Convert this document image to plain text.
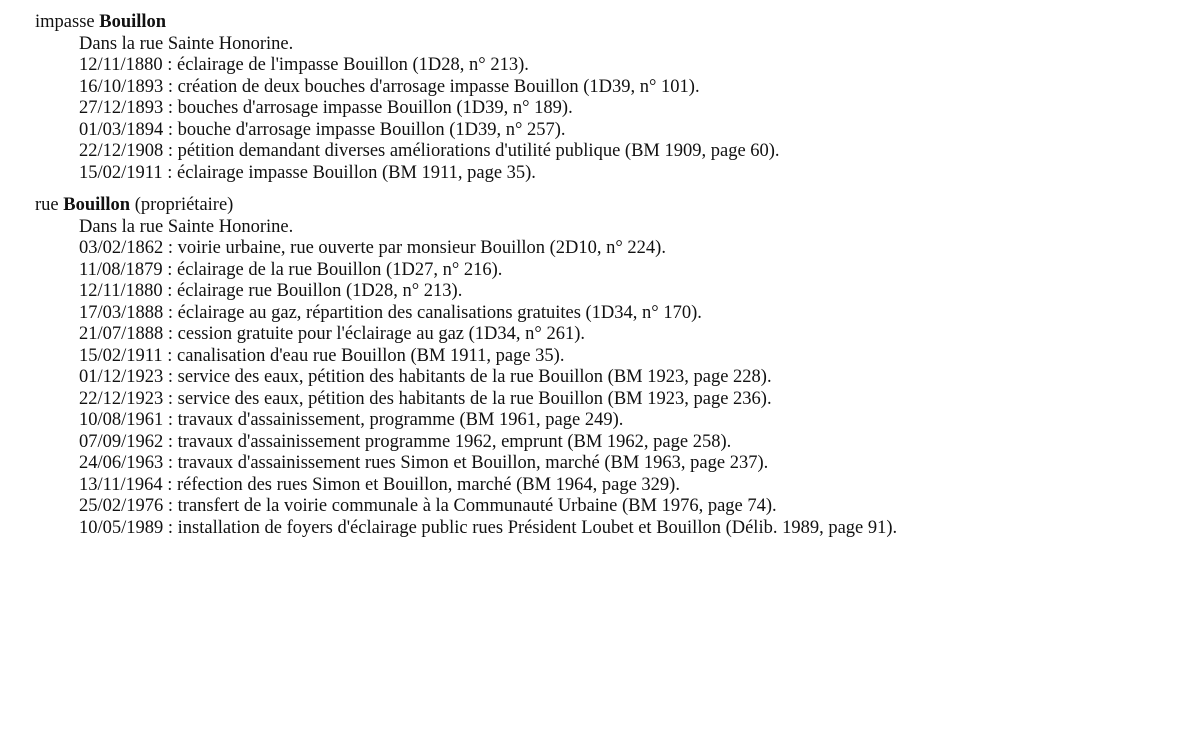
impasse Bouillon

Dans la rue Sainte Honorine.

12/11/1880 : éclairage de l'impasse Bouillon (1D28, n° 213).

16/10/1893 : création de deux bouches d'arrosage impasse Bouillon (1D39, n° 101).

27/12/1893 : bouches d'arrosage impasse Bouillon (1D39, n° 189).

01/03/1894 : bouche d'arrosage impasse Bouillon (1D39, n° 257).

22/12/1908 : pétition demandant diverses améliorations d'utilité publique (BM 1909, page 60).

15/02/1911 : éclairage impasse Bouillon (BM 1911, page 35).

rue Bouillon (propriétaire)

Dans la rue Sainte Honorine.

03/02/1862 : voirie urbaine, rue ouverte par monsieur Bouillon (2D10, n° 224).

11/08/1879 : éclairage de la rue Bouillon (1D27, n° 216).

12/11/1880 : éclairage rue Bouillon (1D28, n° 213).

17/03/1888 : éclairage au gaz, répartition des canalisations gratuites (1D34, n° 170).

21/07/1888 : cession gratuite pour l'éclairage au gaz (1D34, n° 261).

15/02/1911 : canalisation d'eau rue Bouillon (BM 1911, page 35).

01/12/1923 : service des eaux, pétition des habitants de la rue Bouillon (BM 1923, page 228).

22/12/1923 : service des eaux, pétition des habitants de la rue Bouillon (BM 1923, page 236).

10/08/1961 : travaux d'assainissement, programme (BM 1961, page 249).

07/09/1962 : travaux d'assainissement programme 1962, emprunt (BM 1962, page 258).

24/06/1963 : travaux d'assainissement rues Simon et Bouillon, marché (BM 1963, page 237).

13/11/1964 : réfection des rues Simon et Bouillon, marché (BM 1964, page 329).

25/02/1976 : transfert de la voirie communale à la Communauté Urbaine (BM 1976, page 74).

10/05/1989 : installation de foyers d'éclairage public rues Président Loubet et Bouillon (Délib. 1989, page 91).
